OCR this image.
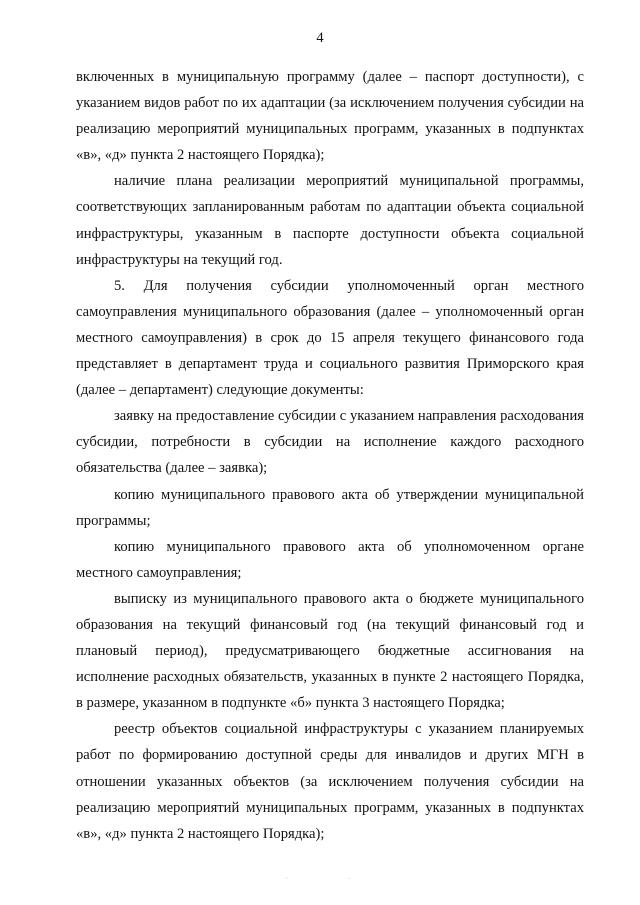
4

включенных в муниципальную программу (далее – паспорт доступности), с указанием видов работ по их адаптации (за исключением получения субсидии на реализацию мероприятий муниципальных программ, указанных в подпунктах «в», «д» пункта 2 настоящего Порядка);

наличие плана реализации мероприятий муниципальной программы, соответствующих запланированным работам по адаптации объекта социальной инфраструктуры, указанным в паспорте доступности объекта социальной инфраструктуры на текущий год.

5. Для получения субсидии уполномоченный орган местного самоуправления муниципального образования (далее – уполномоченный орган местного самоуправления) в срок до 15 апреля текущего финансового года представляет в департамент труда и социального развития Приморского края (далее – департамент) следующие документы:

заявку на предоставление субсидии с указанием направления расходования субсидии, потребности в субсидии на исполнение каждого расходного обязательства (далее – заявка);

копию муниципального правового акта об утверждении муниципальной программы;

копию муниципального правового акта об уполномоченном органе местного самоуправления;

выписку из муниципального правового акта о бюджете муниципального образования на текущий финансовый год (на текущий финансовый год и плановый период), предусматривающего бюджетные ассигнования на исполнение расходных обязательств, указанных в пункте 2 настоящего Порядка, в размере, указанном в подпункте «б» пункта 3 настоящего Порядка;

реестр объектов социальной инфраструктуры с указанием планируемых работ по формированию доступной среды для инвалидов и других МГН в отношении указанных объектов (за исключением получения субсидии на реализацию мероприятий муниципальных программ, указанных в подпунктах «в», «д» пункта 2 настоящего Порядка);

··
